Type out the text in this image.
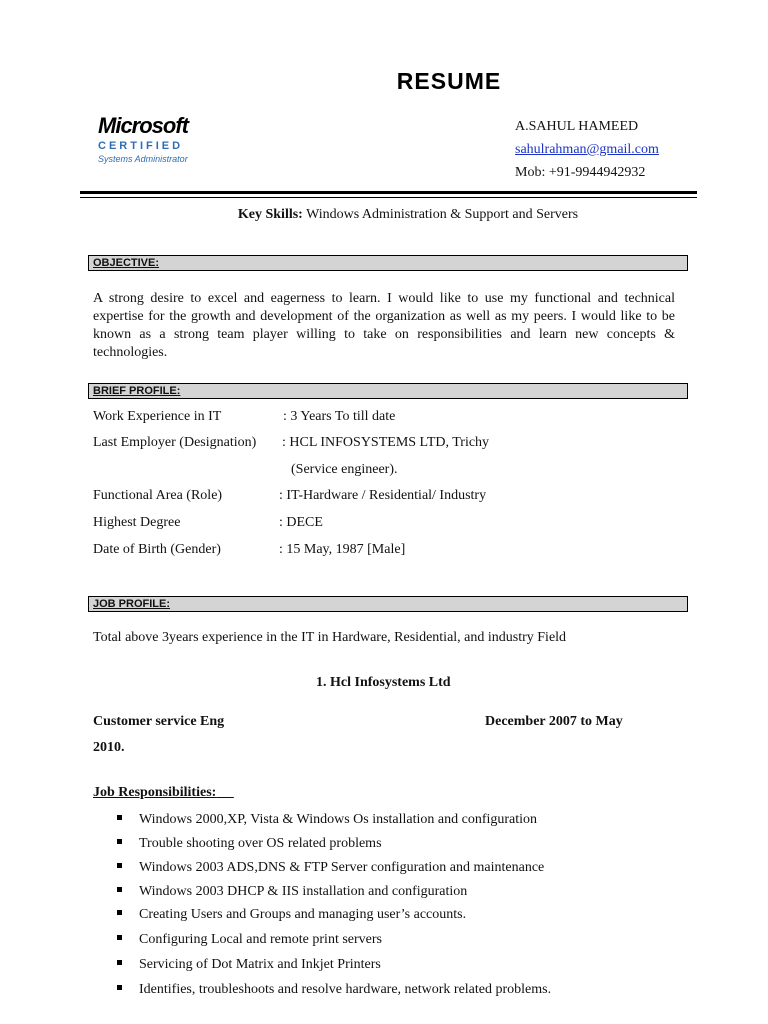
RESUME
Microsoft
CERTIFIED
Systems Administrator
A.SAHUL HAMEED
sahulrahman@gmail.com
Mob: +91-9944942932
Key Skills: Windows Administration & Support and Servers
OBJECTIVE:
A strong desire to excel and eagerness to learn. I would like to use my functional and technical expertise for the growth and development of the organization as well as my peers. I would like to be known as a strong team player willing to take on responsibilities and learn new concepts & technologies.
BRIEF PROFILE:
Work Experience in IT	: 3 Years To till date
Last Employer (Designation) : HCL INFOSYSTEMS LTD, Trichy
(Service engineer).
Functional Area (Role)	: IT-Hardware / Residential/ Industry
Highest Degree	: DECE
Date of Birth (Gender)	: 15 May, 1987 [Male]
JOB PROFILE:
Total above 3years experience in the IT in Hardware, Residential, and industry Field
1. Hcl Infosystems Ltd
Customer service Eng	December 2007 to May
2010.
Job Responsibilities:
Windows 2000,XP, Vista & Windows Os installation and configuration
Trouble shooting over OS related problems
Windows 2003 ADS,DNS & FTP Server configuration and maintenance
Windows 2003 DHCP & IIS installation and configuration
Creating Users and Groups and managing user’s accounts.
Configuring Local and remote print servers
Servicing of Dot Matrix and Inkjet Printers
Identifies, troubleshoots and resolve hardware, network related problems.
